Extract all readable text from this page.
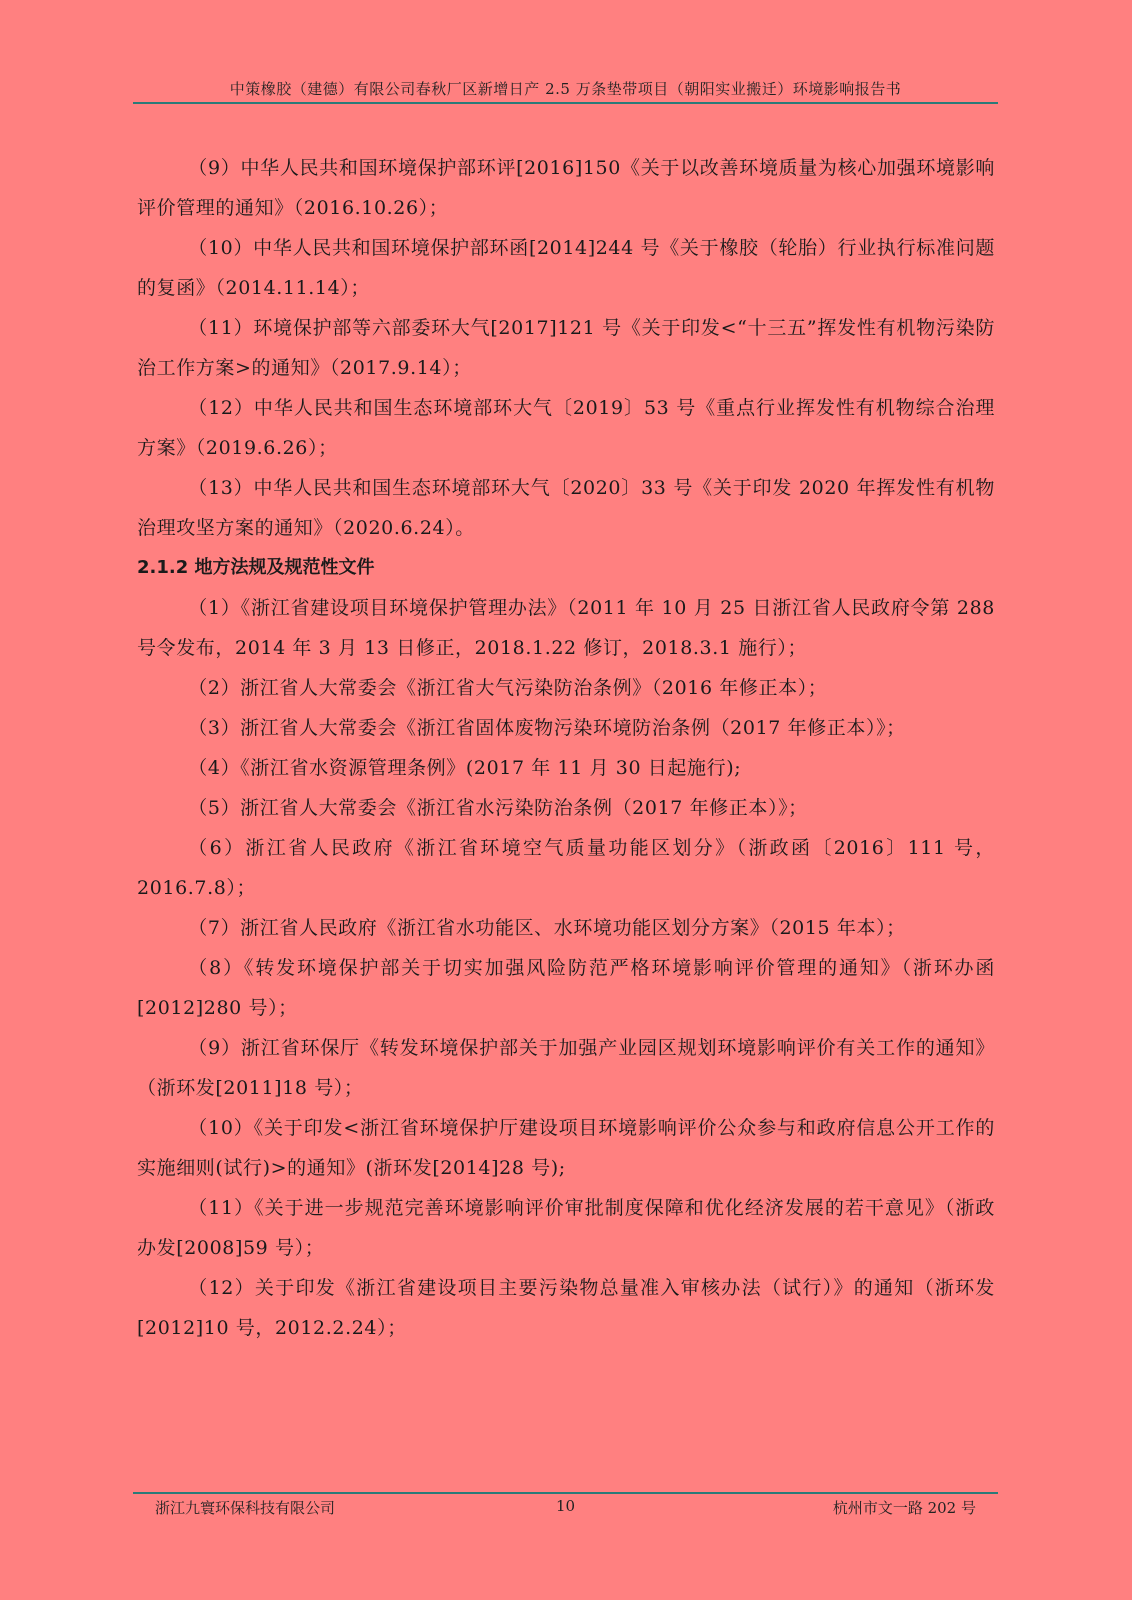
中策橡胶（建德）有限公司春秋厂区新增日产 2.5 万条垫带项目（朝阳实业搬迁）环境影响报告书

（9）中华人民共和国环境保护部环评[2016]150《关于以改善环境质量为核心加强环境影响评价管理的通知》（2016.10.26）；

（10）中华人民共和国环境保护部环函[2014]244 号《关于橡胶（轮胎）行业执行标准问题的复函》（2014.11.14）；

（11）环境保护部等六部委环大气[2017]121 号《关于印发<“十三五”挥发性有机物污染防治工作方案>的通知》（2017.9.14）；

（12）中华人民共和国生态环境部环大气〔2019〕53 号《重点行业挥发性有机物综合治理方案》（2019.6.26）；

（13）中华人民共和国生态环境部环大气〔2020〕33 号《关于印发 2020 年挥发性有机物治理攻坚方案的通知》（2020.6.24）。

2.1.2 地方法规及规范性文件

（1）《浙江省建设项目环境保护管理办法》（2011 年 10 月 25 日浙江省人民政府令第 288 号令发布，2014 年 3 月 13 日修正，2018.1.22 修订，2018.3.1 施行）；

（2）浙江省人大常委会《浙江省大气污染防治条例》（2016 年修正本）；

（3）浙江省人大常委会《浙江省固体废物污染环境防治条例（2017 年修正本）》；

（4）《浙江省水资源管理条例》(2017 年 11 月 30 日起施行);

（5）浙江省人大常委会《浙江省水污染防治条例（2017 年修正本）》；

（6）浙江省人民政府《浙江省环境空气质量功能区划分》（浙政函〔2016〕111 号，2016.7.8）；

（7）浙江省人民政府《浙江省水功能区、水环境功能区划分方案》（2015 年本）；

（8）《转发环境保护部关于切实加强风险防范严格环境影响评价管理的通知》（浙环办函[2012]280 号）；

（9）浙江省环保厅《转发环境保护部关于加强产业园区规划环境影响评价有关工作的通知》（浙环发[2011]18 号）；

（10）《关于印发<浙江省环境保护厅建设项目环境影响评价公众参与和政府信息公开工作的实施细则(试行)>的通知》(浙环发[2014]28 号);

（11）《关于进一步规范完善环境影响评价审批制度保障和优化经济发展的若干意见》（浙政办发[2008]59 号）；

（12）关于印发《浙江省建设项目主要污染物总量准入审核办法（试行）》的通知（浙环发[2012]10 号，2012.2.24）；

10
浙江九寰环保科技有限公司	杭州市文一路 202 号
